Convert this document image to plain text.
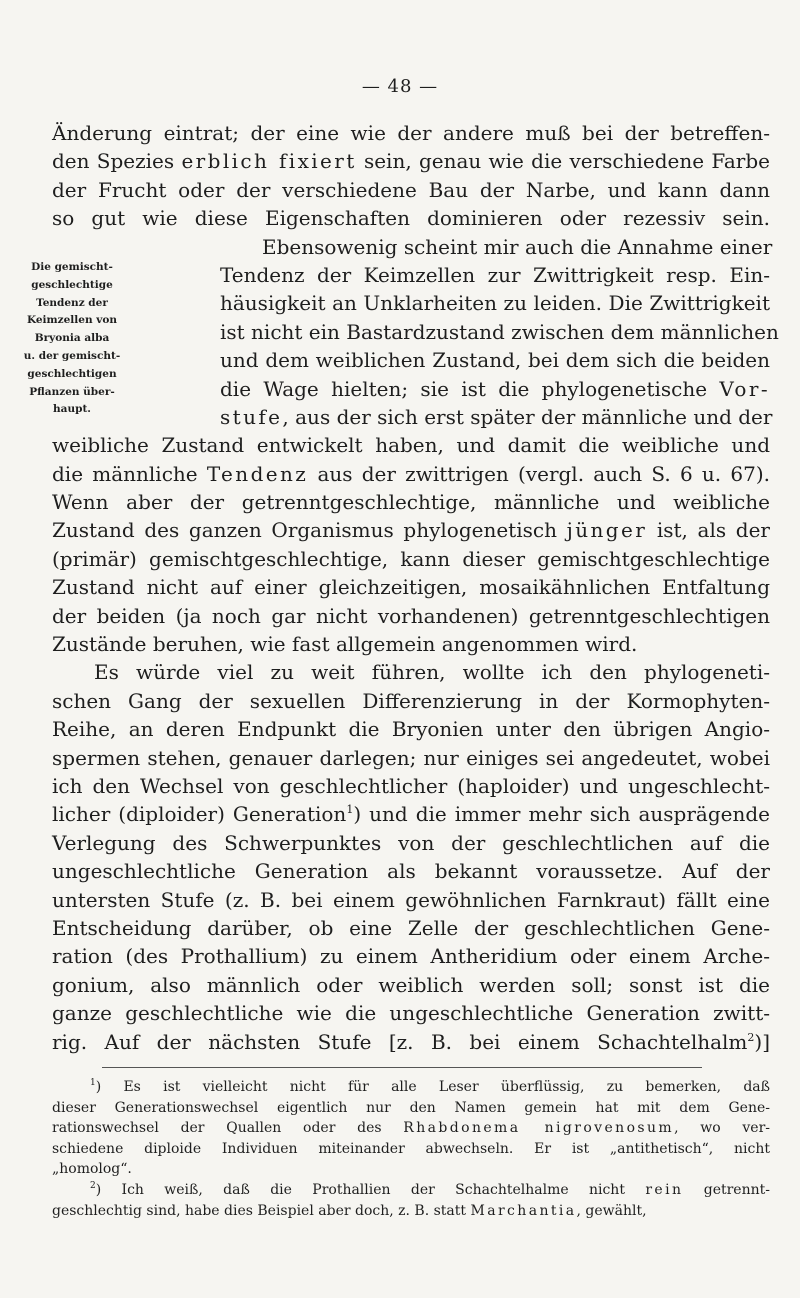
— 48 —
Die gemischt-
geschlechtige
Tendenz der
Keimzellen von
Bryonia alba
u. der gemischt-
geschlechtigen
Pflanzen über-
haupt.
Änderung eintrat; der eine wie der andere muß bei der betreffen-
den Spezies erblich fixiert sein, genau wie die verschiedene Farbe
der Frucht oder der verschiedene Bau der Narbe, und kann dann
so gut wie diese Eigenschaften dominieren oder rezessiv sein.
Ebensowenig scheint mir auch die Annahme einer
Tendenz der Keimzellen zur Zwittrigkeit resp. Ein-
häusigkeit an Unklarheiten zu leiden. Die Zwittrigkeit
ist nicht ein Bastardzustand zwischen dem männlichen
und dem weiblichen Zustand, bei dem sich die beiden
die Wage hielten; sie ist die phylogenetische Vor-
stufe, aus der sich erst später der männliche und der
weibliche Zustand entwickelt haben, und damit die weibliche und
die männliche Tendenz aus der zwittrigen (vergl. auch S. 6 u. 67).
Wenn aber der getrenntgeschlechtige, männliche und weibliche
Zustand des ganzen Organismus phylogenetisch jünger ist, als der
(primär) gemischtgeschlechtige, kann dieser gemischtgeschlechtige
Zustand nicht auf einer gleichzeitigen, mosaikähnlichen Entfaltung
der beiden (ja noch gar nicht vorhandenen) getrenntgeschlechtigen
Zustände beruhen, wie fast allgemein angenommen wird.
Es würde viel zu weit führen, wollte ich den phylogeneti-
schen Gang der sexuellen Differenzierung in der Kormophyten-
Reihe, an deren Endpunkt die Bryonien unter den übrigen Angio-
spermen stehen, genauer darlegen; nur einiges sei angedeutet, wobei
ich den Wechsel von geschlechtlicher (haploider) und ungeschlecht-
licher (diploider) Generation$^1$) und die immer mehr sich ausprägende
Verlegung des Schwerpunktes von der geschlechtlichen auf die
ungeschlechtliche Generation als bekannt voraussetze. Auf der
untersten Stufe (z. B. bei einem gewöhnlichen Farnkraut) fällt eine
Entscheidung darüber, ob eine Zelle der geschlechtlichen Gene-
ration (des Prothallium) zu einem Antheridium oder einem Arche-
gonium, also männlich oder weiblich werden soll; sonst ist die
ganze geschlechtliche wie die ungeschlechtliche Generation zwitt-
rig. Auf der nächsten Stufe [z. B. bei einem Schachtelhalm$^2$)]
$^1$) Es ist vielleicht nicht für alle Leser überflüssig, zu bemerken, daß
dieser Generationswechsel eigentlich nur den Namen gemein hat mit dem Gene-
rationswechsel der Quallen oder des Rhabdonema nigrovenosum, wo ver-
schiedene diploide Individuen miteinander abwechseln. Er ist „antithetisch“, nicht
„homolog“.
$^2$) Ich weiß, daß die Prothallien der Schachtelhalme nicht rein getrennt-
geschlechtig sind, habe dies Beispiel aber doch, z. B. statt Marchantia, gewählt,
